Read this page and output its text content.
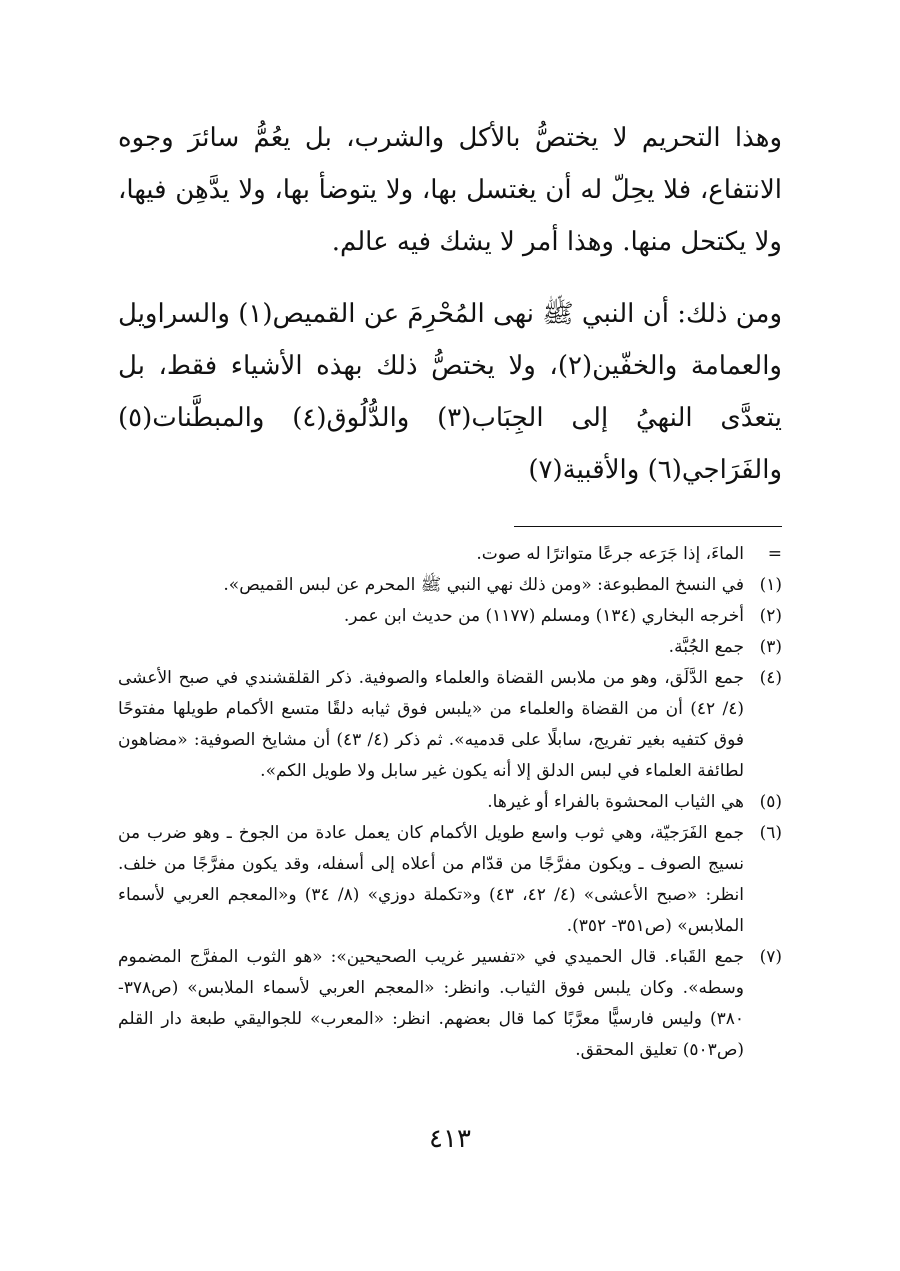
وهذا التحريم لا يختصُّ بالأكل والشرب، بل يعُمُّ سائرَ وجوه الانتفاع، فلا يحِلّ له أن يغتسل بها، ولا يتوضأ بها، ولا يدَّهِن فيها، ولا يكتحل منها. وهذا أمر لا يشك فيه عالم.

ومن ذلك: أن النبي ﷺ نهى المُحْرِمَ عن القميص(١) والسراويل والعمامة والخفّين(٢)، ولا يختصُّ ذلك بهذه الأشياء فقط، بل يتعدَّى النهيُ إلى الجِبَاب(٣) والدُّلُوق(٤) والمبطَّنات(٥) والفَرَاجي(٦) والأقبية(٧)

=
الماءَ، إذا جَرَعه جرعًا متواترًا له صوت.
(١)
في النسخ المطبوعة: «ومن ذلك نهي النبي ﷺ المحرم عن لبس القميص».
(٢)
أخرجه البخاري (١٣٤) ومسلم (١١٧٧) من حديث ابن عمر.
(٣)
جمع الجُبَّة.
(٤)
جمع الدَّلَق، وهو من ملابس القضاة والعلماء والصوفية. ذكر القلقشندي في صبح الأعشى (٤/ ٤٢) أن من القضاة والعلماء من «يلبس فوق ثيابه دلقًا متسع الأكمام طويلها مفتوحًا فوق كتفيه بغير تفريج، سابلًا على قدميه». ثم ذكر (٤/ ٤٣) أن مشايخ الصوفية: «مضاهون لطائفة العلماء في لبس الدلق إلا أنه يكون غير سابل ولا طويل الكم».
(٥)
هي الثياب المحشوة بالفراء أو غيرها.
(٦)
جمع الفَرَجيّة، وهي ثوب واسع طويل الأكمام كان يعمل عادة من الجوخ ـ وهو ضرب من نسيج الصوف ـ ويكون مفرَّجًا من قدّام من أعلاه إلى أسفله، وقد يكون مفرَّجًا من خلف. انظر: «صبح الأعشى» (٤/ ٤٢، ٤٣) و«تكملة دوزي» (٨/ ٣٤) و«المعجم العربي لأسماء الملابس» (ص٣٥١- ٣٥٢).
(٧)
جمع القَباء. قال الحميدي في «تفسير غريب الصحيحين»: «هو الثوب المفرَّج المضموم وسطه». وكان يلبس فوق الثياب. وانظر: «المعجم العربي لأسماء الملابس» (ص٣٧٨- ٣٨٠) وليس فارسيًّا معرَّبًا كما قال بعضهم. انظر: «المعرب» للجواليقي طبعة دار القلم (ص٥٠٣) تعليق المحقق.
٤١٣
